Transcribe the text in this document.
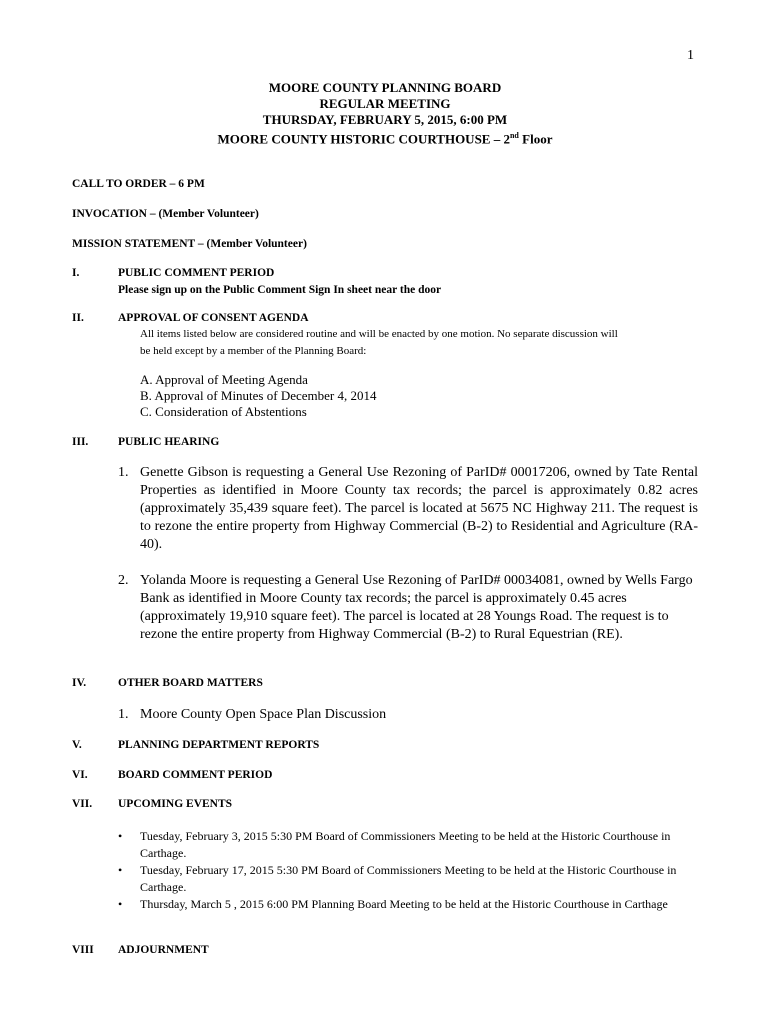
1
MOORE COUNTY PLANNING BOARD
REGULAR MEETING
THURSDAY, FEBRUARY 5, 2015, 6:00 PM
MOORE COUNTY HISTORIC COURTHOUSE – 2nd Floor
CALL TO ORDER – 6 PM
INVOCATION – (Member Volunteer)
MISSION STATEMENT – (Member Volunteer)
I.	PUBLIC COMMENT PERIOD
Please sign up on the Public Comment Sign In sheet near the door
II.	APPROVAL OF CONSENT AGENDA
All items listed below are considered routine and will be enacted by one motion. No separate discussion will
be held except by a member of the Planning Board:
A. Approval of Meeting Agenda
B. Approval of Minutes of December 4, 2014
C. Consideration of Abstentions
III.	PUBLIC HEARING
1. Genette Gibson is requesting a General Use Rezoning of ParID# 00017206, owned by Tate Rental Properties as identified in Moore County tax records; the parcel is approximately 0.82 acres (approximately 35,439 square feet). The parcel is located at 5675 NC Highway 211. The request is to rezone the entire property from Highway Commercial (B-2) to Residential and Agriculture (RA-40).
2. Yolanda Moore is requesting a General Use Rezoning of ParID# 00034081, owned by Wells Fargo Bank as identified in Moore County tax records; the parcel is approximately 0.45 acres (approximately 19,910 square feet). The parcel is located at 28 Youngs Road. The request is to rezone the entire property from Highway Commercial (B-2) to Rural Equestrian (RE).
IV.	OTHER BOARD MATTERS
1. Moore County Open Space Plan Discussion
V.	PLANNING DEPARTMENT REPORTS
VI.	BOARD COMMENT PERIOD
VII. UPCOMING EVENTS
•	Tuesday, February 3, 2015 5:30 PM Board of Commissioners Meeting to be held at the Historic Courthouse in Carthage.
•	Tuesday, February 17, 2015 5:30 PM Board of Commissioners Meeting to be held at the Historic Courthouse in Carthage.
•	Thursday, March 5 , 2015 6:00 PM Planning Board Meeting to be held at the Historic Courthouse in Carthage
VIII ADJOURNMENT
